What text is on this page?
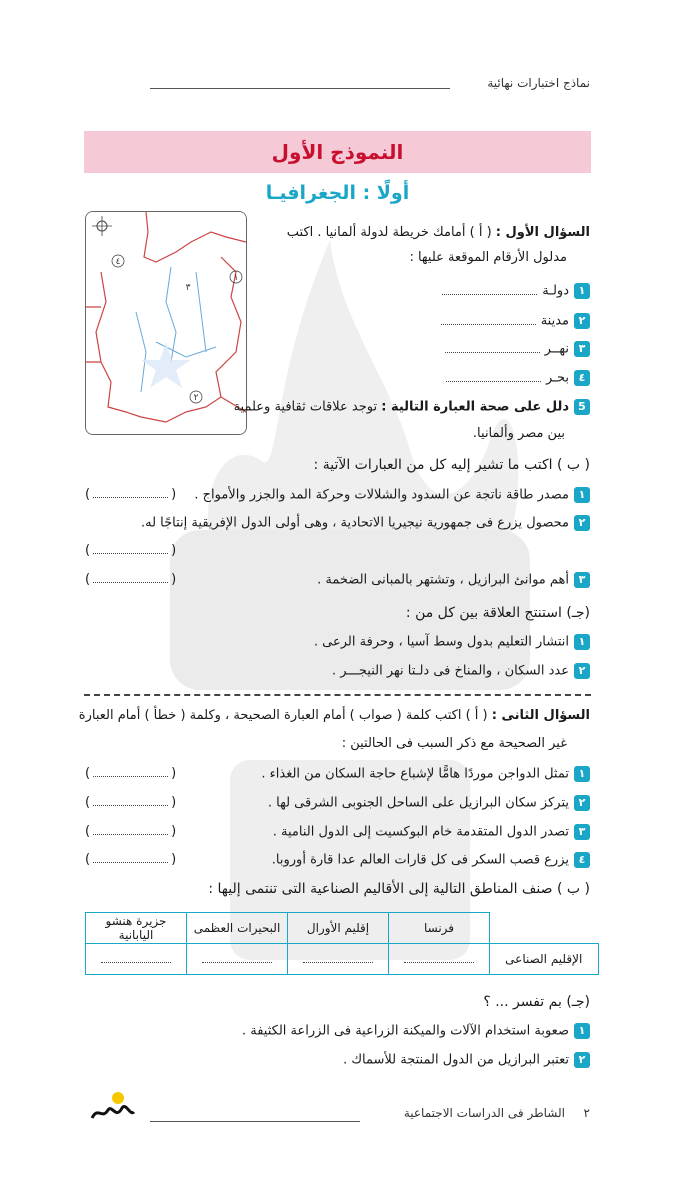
نماذج اختبارات نهائية
النموذج الأول
أولًا : الجغرافيـا
١
٢
٣
٤
السؤال الأول : ( أ ) أمامك خريطة لدولة ألمانيا . اكتب
مدلول الأرقام الموقعة عليها :
١دولـة
٢مدينة
٣نهــر
٤بحـر
5دلل على صحة العبارة التالية : توجد علاقات ثقافية وعلمية
بين مصر وألمانيا.
( ب ) اكتب ما تشير إليه كل من العبارات الآتية :
١مصدر طاقة ناتجة عن السدود والشلالات وحركة المد والجزر والأمواج .
(	)
٢محصول يزرع فى جمهورية نيجيريا الاتحادية ، وهى أولى الدول الإفريقية إنتاجًا له.
(	)
٣أهم موانئ البرازيل ، وتشتهر بالمبانى الضخمة .
(	)
(جـ) استنتج العلاقة بين كل من :
١انتشار التعليم بدول وسط آسيا ، وحرفة الرعى .
٢عدد السكان ، والمناخ فى دلـتا نهر النيجـــر .
السؤال الثانى : ( أ ) اكتب كلمة ( صواب ) أمام العبارة الصحيحة ، وكلمة ( خطأ ) أمام العبارة
غير الصحيحة مع ذكر السبب فى الحالتين :
١تمثل الدواجن موردًا هامًّا لإشباع حاجة السكان من الغذاء .
(	)
٢يتركز سكان البرازيل على الساحل الجنوبى الشرقى لها .
(	)
٣تصدر الدول المتقدمة خام البوكسيت إلى الدول النامية .
(	)
٤يزرع قصب السكر فى كل قارات العالم عدا قارة أوروبا.
(	)
( ب ) صنف المناطق التالية إلى الأقاليم الصناعية التى تنتمى إليها :
	فرنسا	إقليم الأورال	البحيرات العظمى	جزيرة هنشو اليابانية
الإقليم الصناعى				
(جـ) بم تفسر ... ؟
١صعوبة استخدام الآلات والميكنة الزراعية فى الزراعة الكثيفة .
٢تعتبر البرازيل من الدول المنتجة للأسماك .
الشاطر فى الدراسات الاجتماعية ٢
